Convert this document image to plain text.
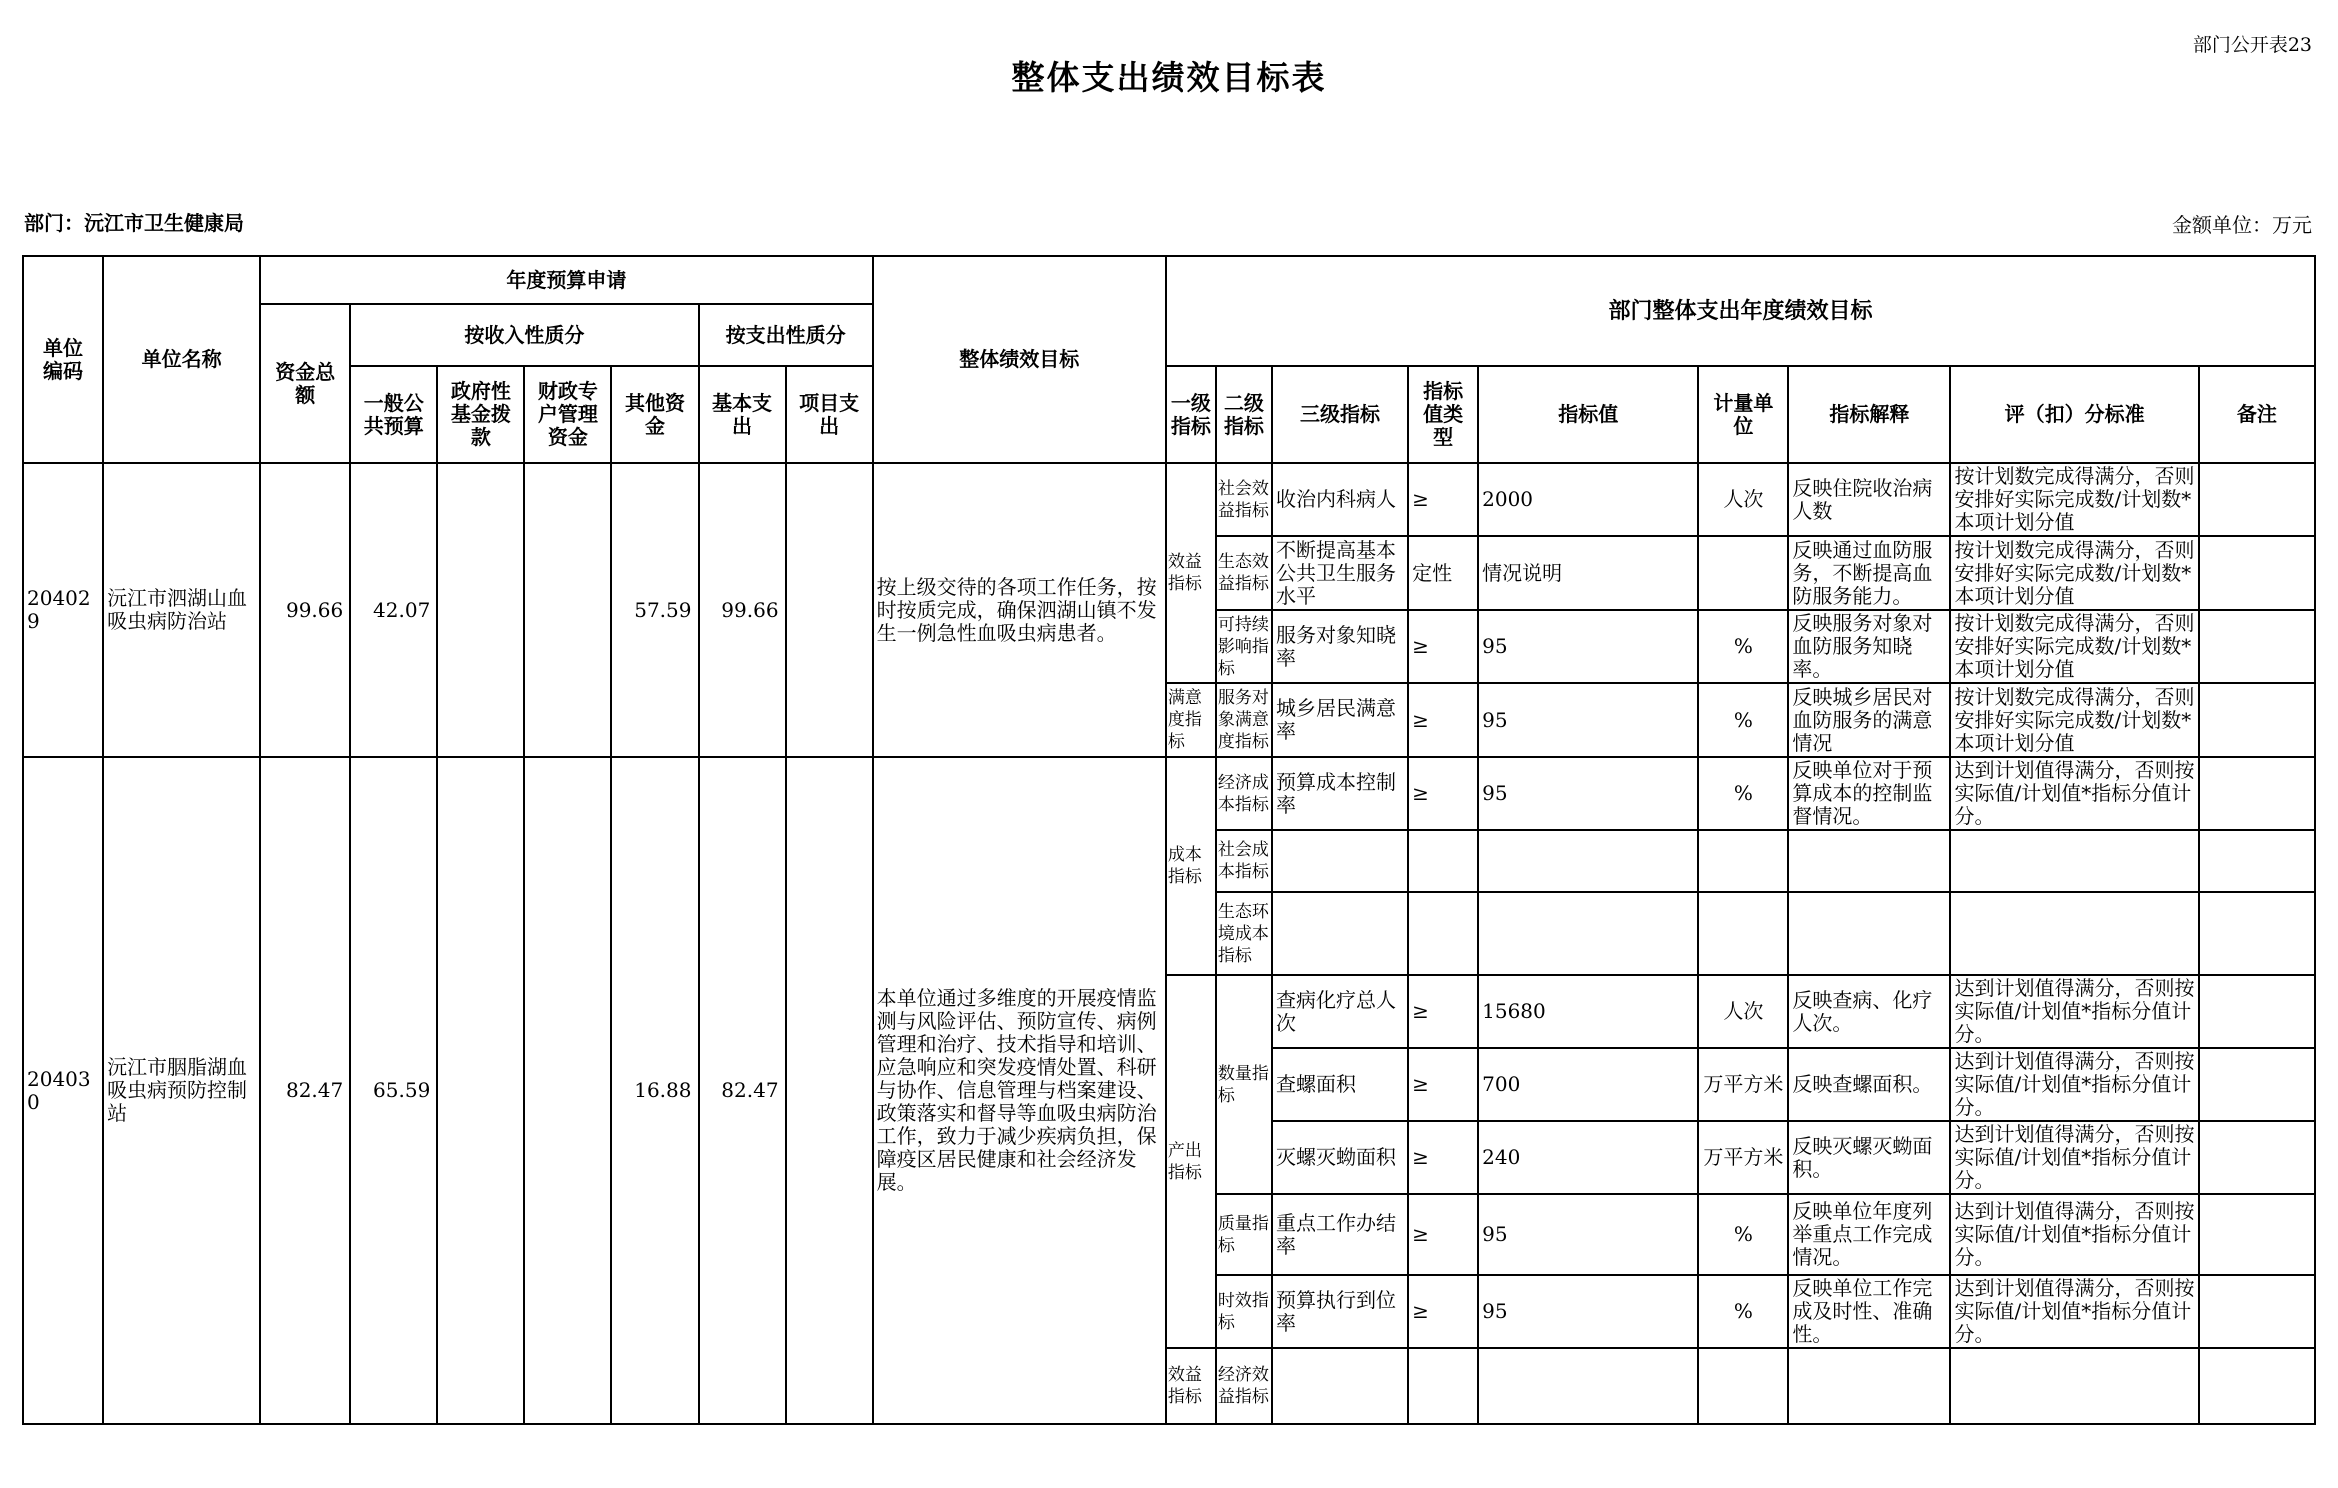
部门公开表23
整体支出绩效目标表
部门：沅江市卫生健康局	金额单位：万元
单位编码	单位名称	年度预算申请							整体绩效目标	部门整体支出年度绩效目标								
		资金总额	按收入性质分				按支出性质分											
			一般公共预算	政府性基金拨款	财政专户管理资金	其他资金	基本支出	项目支出		一级指标	二级指标	三级指标	指标值类型	指标值	计量单位	指标解释	评（扣）分标准	备注
204029	沅江市泗湖山血吸虫病防治站	99.66	42.07			57.59	99.66		按上级交待的各项工作任务，按时按质完成，确保泗湖山镇不发生一例急性血吸虫病患者。	效益指标	社会效益指标	收治内科病人	≥	2000	人次	反映住院收治病人数	按计划数完成得满分，否则安排好实际完成数/计划数*本项计划分值	
											生态效益指标	不断提高基本公共卫生服务水平	定性	情况说明		反映通过血防服务，不断提高血防服务能力。	按计划数完成得满分，否则安排好实际完成数/计划数*本项计划分值	
											可持续影响指标	服务对象知晓率	≥	95	%	反映服务对象对血防服务知晓率。	按计划数完成得满分，否则安排好实际完成数/计划数*本项计划分值	
										满意度指标	服务对象满意度指标	城乡居民满意率	≥	95	%	反映城乡居民对血防服务的满意情况	按计划数完成得满分，否则安排好实际完成数/计划数*本项计划分值	
204030	沅江市胭脂湖血吸虫病预防控制站	82.47	65.59			16.88	82.47		本单位通过多维度的开展疫情监测与风险评估、预防宣传、病例管理和治疗、技术指导和培训、应急响应和突发疫情处置、科研与协作、信息管理与档案建设、政策落实和督导等血吸虫病防治工作，致力于减少疾病负担，保障疫区居民健康和社会经济发展。	成本指标	经济成本指标	预算成本控制率	≥	95	%	反映单位对于预算成本的控制监督情况。	达到计划值得满分，否则按实际值/计划值*指标分值计分。	
											社会成本指标							
											生态环境成本指标							
										产出指标	数量指标	查病化疗总人次	≥	15680	人次	反映查病、化疗人次。	达到计划值得满分，否则按实际值/计划值*指标分值计分。	
												查螺面积	≥	700	万平方米	反映查螺面积。	达到计划值得满分，否则按实际值/计划值*指标分值计分。	
												灭螺灭蚴面积	≥	240	万平方米	反映灭螺灭蚴面积。	达到计划值得满分，否则按实际值/计划值*指标分值计分。	
											质量指标	重点工作办结率	≥	95	%	反映单位年度列举重点工作完成情况。	达到计划值得满分，否则按实际值/计划值*指标分值计分。	
											时效指标	预算执行到位率	≥	95	%	反映单位工作完成及时性、准确性。	达到计划值得满分，否则按实际值/计划值*指标分值计分。	
										效益指标	经济效益指标							
